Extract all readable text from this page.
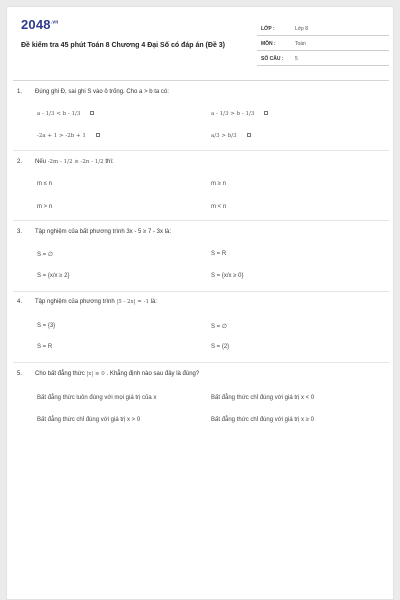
$2048^{.vn}$
Đề kiểm tra 45 phút Toán 8 Chương 4 Đại Số có đáp án (Đề 3)
LỚP :	Lớp 8
MÔN :	Toán
SỐ CÂU : 5
1. Đúng ghi Đ, sai ghi S vào ô trống. Cho a > b ta có:
a - 1/3 < b - 1/3	a - 1/3 > b - 1/3
-2a + 1 > -2b + 1	a/3 > b/3
2. Nếu -2m - 1/2 ≥ -2n - 1/2 thì:
m ≤ n	m ≥ n
m > n	m < n
3. Tập nghiệm của bất phương trình 3x - 5 ≥ 7 - 3x là:
S = ∅	S = R
S = {x/x ≥ 2}	S = {x/x ≥ 0}
4. Tập nghiệm của phương trình |5 - 2x| = -1 là:
S = {3}	S = ∅
S = R	S = {2}
5. Cho bất đẳng thức |x| ≥ 0 . Khẳng định nào sau đây là đúng?
Bất đẳng thức luôn đúng với mọi giá trị của x	Bất đẳng thức chỉ đúng với giá trị x < 0
Bất đẳng thức chỉ đúng với giá trị x > 0	Bất đẳng thức chỉ đúng với giá trị x ≥ 0
